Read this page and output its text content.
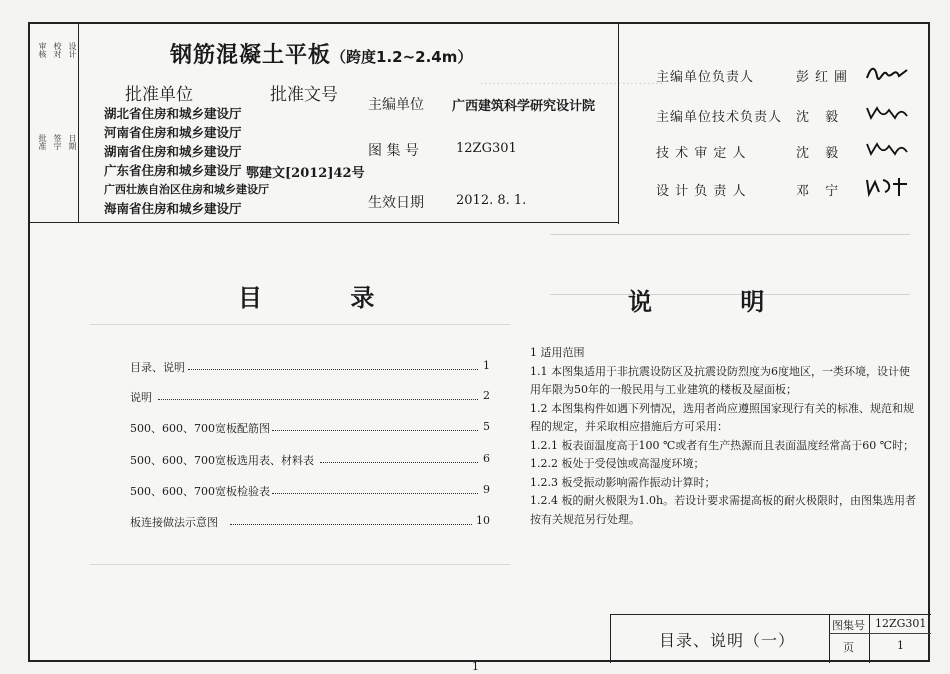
审核 校对 设计
批准 签字 日期
钢筋混凝土平板（跨度1.2~2.4m）
批准单位	批准文号
湖北省住房和城乡建设厅
河南省住房和城乡建设厅
湖南省住房和城乡建设厅
广东省住房和城乡建设厅
广西壮族自治区住房和城乡建设厅
海南省住房和城乡建设厅
鄂建文[2012]42号
主编单位 广西建筑科学研究设计院
图 集 号	12ZG301
生效日期 2012. 8. 1.
主编单位负责人	彭红圃
主编单位技术负责人 沈 毅
技 术 审 定 人	沈 毅
设 计 负 责 人	邓 宁
············································
目 录
目录、说明	1
说明	2
500、600、700宽板配筋图	5
500、600、700宽板选用表、材料表	6
500、600、700宽板检验表	9
板连接做法示意图	10
说 明

1 适用范围

1.1 本图集适用于非抗震设防区及抗震设防烈度为6度地区，一类环境，设计使用年限为50年的一般民用与工业建筑的楼板及屋面板；

1.2 本图集构件如遇下列情况，选用者尚应遵照国家现行有关的标准、规范和规程的规定，并采取相应措施后方可采用：

1.2.1 板表面温度高于100 ℃或者有生产热源而且表面温度经常高于60 ℃时；

1.2.2 板处于受侵蚀或高湿度环境；

1.2.3 板受振动影响需作振动计算时；

1.2.4 板的耐火极限为1.0h。若设计要求需提高板的耐火极限时，由图集选用者按有关规范另行处理。

目录、说明（一）
图集号 12ZG301
页	1
1
